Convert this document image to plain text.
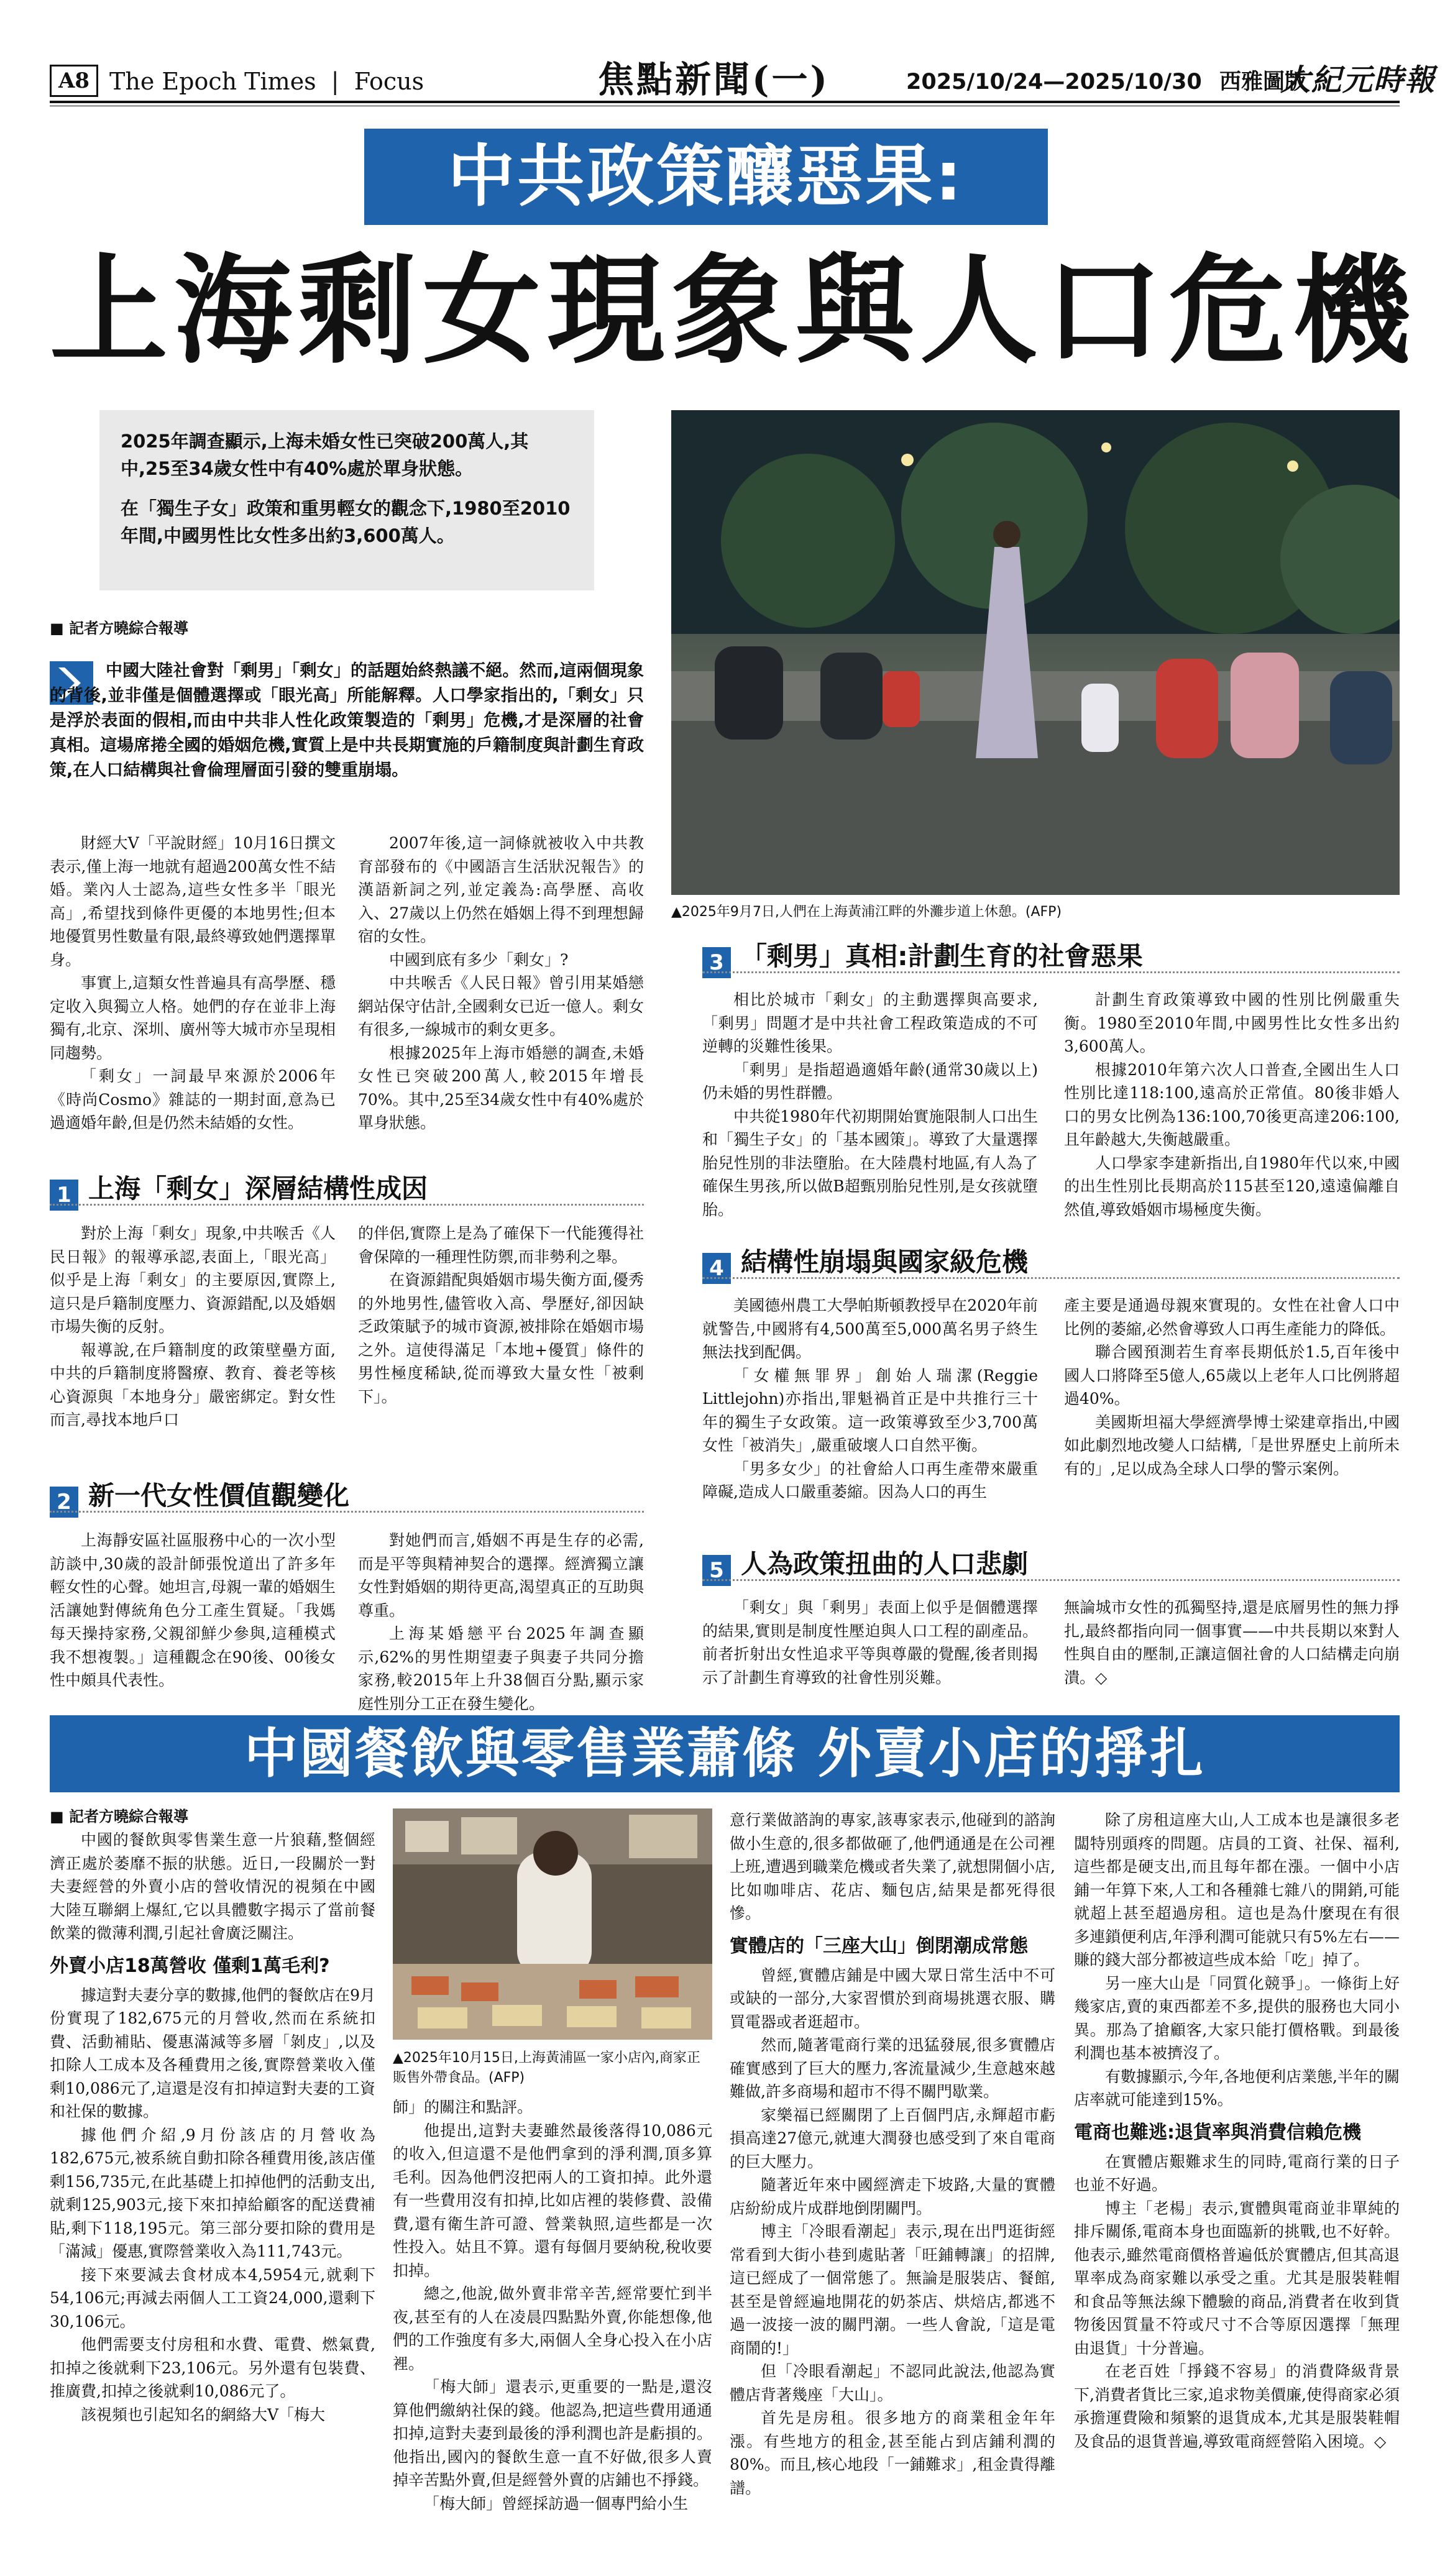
A8 The Epoch Times | Focus	焦點新聞(一)	2025/10/24—2025/10/30 西雅圖版
大紀元時報
中共政策釀惡果:
上海剩女現象與人口危機
2025年調查顯示,上海未婚女性已突破200萬人,其中,25至34歲女性中有40%處於單身狀態。
在「獨生子女」政策和重男輕女的觀念下,1980至2010年間,中國男性比女性多出約3,600萬人。
▲2025年9月7日,人們在上海黃浦江畔的外灘步道上休憩。(AFP)
■ 記者方曉綜合報導
中國大陸社會對「剩男」「剩女」的話題始終熱議不絕。然而,這兩個現象的背後,並非僅是個體選擇或「眼光高」所能解釋。人口學家指出的,「剩女」只是浮於表面的假相,而由中共非人性化政策製造的「剩男」危機,才是深層的社會真相。這場席捲全國的婚姻危機,實質上是中共長期實施的戶籍制度與計劃生育政策,在人口結構與社會倫理層面引發的雙重崩塌。

財經大V「平說財經」10月16日撰文表示,僅上海一地就有超過200萬女性不結婚。業內人士認為,這些女性多半「眼光高」,希望找到條件更優的本地男性;但本地優質男性數量有限,最終導致她們選擇單身。

事實上,這類女性普遍具有高學歷、穩定收入與獨立人格。她們的存在並非上海獨有,北京、深圳、廣州等大城市亦呈現相同趨勢。

「剩女」一詞最早來源於2006年《時尚Cosmo》雜誌的一期封面,意為已過適婚年齡,但是仍然未結婚的女性。

2007年後,這一詞條就被收入中共教育部發布的《中國語言生活狀況報告》的漢語新詞之列,並定義為:高學歷、高收入、27歲以上仍然在婚姻上得不到理想歸宿的女性。

中國到底有多少「剩女」?

中共喉舌《人民日報》曾引用某婚戀網站保守估計,全國剩女已近一億人。剩女有很多,一線城市的剩女更多。

根據2025年上海市婚戀的調查,未婚女性已突破200萬人,較2015年增長70%。其中,25至34歲女性中有40%處於單身狀態。

1 上海「剩女」深層結構性成因

對於上海「剩女」現象,中共喉舌《人民日報》的報導承認,表面上,「眼光高」似乎是上海「剩女」的主要原因,實際上,這只是戶籍制度壓力、資源錯配,以及婚姻市場失衡的反射。

報導說,在戶籍制度的政策壁壘方面,中共的戶籍制度將醫療、教育、養老等核心資源與「本地身分」嚴密綁定。對女性而言,尋找本地戶口

的伴侶,實際上是為了確保下一代能獲得社會保障的一種理性防禦,而非勢利之舉。

在資源錯配與婚姻市場失衡方面,優秀的外地男性,儘管收入高、學歷好,卻因缺乏政策賦予的城市資源,被排除在婚姻市場之外。這使得滿足「本地+優質」條件的男性極度稀缺,從而導致大量女性「被剩下」。

2 新一代女性價值觀變化

上海靜安區社區服務中心的一次小型訪談中,30歲的設計師張悅道出了許多年輕女性的心聲。她坦言,母親一輩的婚姻生活讓她對傳統角色分工產生質疑。「我媽每天操持家務,父親卻鮮少參與,這種模式我不想複製。」這種觀念在90後、00後女性中頗具代表性。

對她們而言,婚姻不再是生存的必需,而是平等與精神契合的選擇。經濟獨立讓女性對婚姻的期待更高,渴望真正的互助與尊重。

上海某婚戀平台2025年調查顯示,62%的男性期望妻子與妻子共同分擔家務,較2015年上升38個百分點,顯示家庭性別分工正在發生變化。

3 「剩男」真相:計劃生育的社會惡果

相比於城市「剩女」的主動選擇與高要求,「剩男」問題才是中共社會工程政策造成的不可逆轉的災難性後果。

「剩男」是指超過適婚年齡(通常30歲以上)仍未婚的男性群體。

中共從1980年代初期開始實施限制人口出生和「獨生子女」的「基本國策」。導致了大量選擇胎兒性別的非法墮胎。在大陸農村地區,有人為了確保生男孩,所以做B超甄別胎兒性別,是女孩就墮胎。

計劃生育政策導致中國的性別比例嚴重失衡。1980至2010年間,中國男性比女性多出約3,600萬人。

根據2010年第六次人口普查,全國出生人口性別比達118:100,遠高於正常值。80後非婚人口的男女比例為136:100,70後更高達206:100,且年齡越大,失衡越嚴重。

人口學家李建新指出,自1980年代以來,中國的出生性別比長期高於115甚至120,遠遠偏離自然值,導致婚姻市場極度失衡。

4 結構性崩塌與國家級危機

美國德州農工大學帕斯頓教授早在2020年前就警告,中國將有4,500萬至5,000萬名男子終生無法找到配偶。

「女權無罪界」創始人瑞潔(Reggie Littlejohn)亦指出,罪魁禍首正是中共推行三十年的獨生子女政策。這一政策導致至少3,700萬女性「被消失」,嚴重破壞人口自然平衡。

「男多女少」的社會給人口再生產帶來嚴重障礙,造成人口嚴重萎縮。因為人口的再生

產主要是通過母親來實現的。女性在社會人口中比例的萎縮,必然會導致人口再生產能力的降低。

聯合國預測若生育率長期低於1.5,百年後中國人口將降至5億人,65歲以上老年人口比例將超過40%。

美國斯坦福大學經濟學博士梁建章指出,中國如此劇烈地改變人口結構,「是世界歷史上前所未有的」,足以成為全球人口學的警示案例。

5 人為政策扭曲的人口悲劇

「剩女」與「剩男」表面上似乎是個體選擇的結果,實則是制度性壓迫與人口工程的副產品。前者折射出女性追求平等與尊嚴的覺醒,後者則揭示了計劃生育導致的社會性別災難。

無論城市女性的孤獨堅持,還是底層男性的無力掙扎,最終都指向同一個事實——中共長期以來對人性與自由的壓制,正讓這個社會的人口結構走向崩潰。◇

中國餐飲與零售業蕭條 外賣小店的掙扎
■ 記者方曉綜合報導
▲2025年10月15日,上海黃浦區一家小店內,商家正販售外帶食品。(AFP)

中國的餐飲與零售業生意一片狼藉,整個經濟正處於萎靡不振的狀態。近日,一段關於一對夫妻經營的外賣小店的營收情況的視頻在中國大陸互聯網上爆紅,它以具體數字揭示了當前餐飲業的微薄利潤,引起社會廣泛關注。

外賣小店18萬營收 僅剩1萬毛利?

據這對夫妻分享的數據,他們的餐飲店在9月份實現了182,675元的月營收,然而在系統扣費、活動補貼、優惠滿減等多層「剝皮」,以及扣除人工成本及各種費用之後,實際營業收入僅剩10,086元了,這還是沒有扣掉這對夫妻的工資和社保的數據。

據他們介紹,9月份該店的月營收為182,675元,被系統自動扣除各種費用後,該店僅剩156,735元,在此基礎上扣掉他們的活動支出,就剩125,903元,接下來扣掉給顧客的配送費補貼,剩下118,195元。第三部分要扣除的費用是「滿減」優惠,實際營業收入為111,743元。

接下來要減去食材成本4,5954元,就剩下54,106元;再減去兩個人工工資24,000,還剩下30,106元。

他們需要支付房租和水費、電費、燃氣費,扣掉之後就剩下23,106元。另外還有包裝費、推廣費,扣掉之後就剩10,086元了。

該視頻也引起知名的網絡大V「梅大

師」的關注和點評。

他提出,這對夫妻雖然最後落得10,086元的收入,但這還不是他們拿到的淨利潤,頂多算毛利。因為他們沒把兩人的工資扣掉。此外還有一些費用沒有扣掉,比如店裡的裝修費、設備費,還有衛生許可證、營業執照,這些都是一次性投入。姑且不算。還有每個月要納稅,稅收要扣掉。

總之,他說,做外賣非常辛苦,經常要忙到半夜,甚至有的人在凌晨四點點外賣,你能想像,他們的工作強度有多大,兩個人全身心投入在小店裡。

「梅大師」還表示,更重要的一點是,還沒算他們繳納社保的錢。他認為,把這些費用通通扣掉,這對夫妻到最後的淨利潤也許是虧損的。他指出,國內的餐飲生意一直不好做,很多人賣掉辛苦點外賣,但是經營外賣的店鋪也不掙錢。

「梅大師」曾經採訪過一個專門給小生

意行業做諮詢的專家,該專家表示,他碰到的諮詢做小生意的,很多都做砸了,他們通通是在公司裡上班,遭遇到職業危機或者失業了,就想開個小店,比如咖啡店、花店、麵包店,結果是都死得很慘。

實體店的「三座大山」倒閉潮成常態

曾經,實體店鋪是中國大眾日常生活中不可或缺的一部分,大家習慣於到商場挑選衣服、購買電器或者逛超市。

然而,隨著電商行業的迅猛發展,很多實體店確實感到了巨大的壓力,客流量減少,生意越來越難做,許多商場和超市不得不關門歇業。

家樂福已經關閉了上百個門店,永輝超市虧損高達27億元,就連大潤發也感受到了來自電商的巨大壓力。

隨著近年來中國經濟走下坡路,大量的實體店紛紛成片成群地倒閉關門。

博主「冷眼看潮起」表示,現在出門逛街經常看到大街小巷到處貼著「旺鋪轉讓」的招牌,這已經成了一個常態了。無論是服裝店、餐館,甚至是曾經遍地開花的奶茶店、烘焙店,都逃不過一波接一波的關門潮。一些人會說,「這是電商鬧的!」

但「冷眼看潮起」不認同此說法,他認為實體店背著幾座「大山」。

首先是房租。很多地方的商業租金年年漲。有些地方的租金,甚至能占到店鋪利潤的80%。而且,核心地段「一鋪難求」,租金貴得離譜。

除了房租這座大山,人工成本也是讓很多老闆特別頭疼的問題。店員的工資、社保、福利,這些都是硬支出,而且每年都在漲。一個中小店鋪一年算下來,人工和各種雜七雜八的開銷,可能就超上甚至超過房租。這也是為什麼現在有很多連鎖便利店,年淨利潤可能就只有5%左右——賺的錢大部分都被這些成本給「吃」掉了。

另一座大山是「同質化競爭」。一條街上好幾家店,賣的東西都差不多,提供的服務也大同小異。那為了搶顧客,大家只能打價格戰。到最後利潤也基本被擠沒了。

有數據顯示,今年,各地便利店業態,半年的關店率就可能達到15%。

電商也難逃:退貨率與消費信賴危機

在實體店艱難求生的同時,電商行業的日子也並不好過。

博主「老楊」表示,實體與電商並非單純的排斥關係,電商本身也面臨新的挑戰,也不好幹。他表示,雖然電商價格普遍低於實體店,但其高退單率成為商家難以承受之重。尤其是服裝鞋帽和食品等無法線下體驗的商品,消費者在收到貨物後因質量不符或尺寸不合等原因選擇「無理由退貨」十分普遍。

在老百姓「掙錢不容易」的消費降級背景下,消費者貨比三家,追求物美價廉,使得商家必須承擔運費險和頻繁的退貨成本,尤其是服裝鞋帽及食品的退貨普遍,導致電商經營陷入困境。◇
